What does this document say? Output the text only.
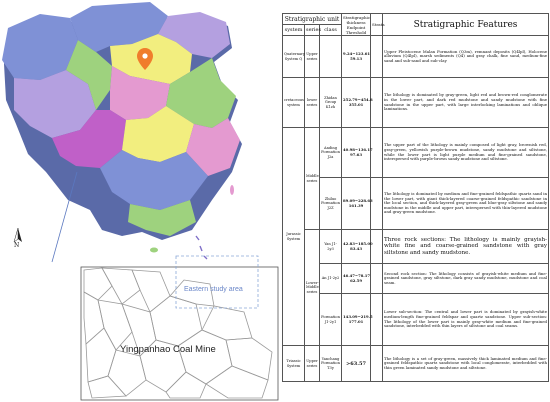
N
Eastern study area
Yingpanhao Coal Mine
Stratigraphic unit			Stratigraphic thickness
Endpoint Threshold	Strata	Stratigraphic Features
system	series	class			
Quaternary System Q	Upper series		9.24~123.61 59.13		Upper Pleistocene Malan Formation (Q3m), remnant deposits (Q4lpl), Holocene alluvium (Q4lpl), marsh sediments (Q4) and gray chalk, fine sand, medium-fine sand and sub-sand and sub-clay
cretaceous system	lower series	Zhidan Group K1zh	252.79~454.8 355.01		The lithology is dominated by gray-green, light red and brown-red conglomerate in the lower part, and dark red mudstone and sandy mudstone with fine sandstone in the upper part, with large interlocking laminations and oblique laminations.
Jurassic System	Middle series	Anding Formation J2a	40.98~136.17 97.63		The upper part of the lithology is mainly composed of light gray, brownish red, gray-green, yellowish purple-brown mudstone, sandy mudstone and siltstone, while the lower part is light purple medium and fine-grained sandstone, interspersed with purple-brown sandy mudstone and siltstone.
		Zhiluo Formation J2Z	89.09~228.63 161.39		The lithology is dominated by medium and fine-grained feldspathic quartz sand in the lower part, with giant thick-layered coarse-grained feldspathic sandstone in the local section, and thick-layered gray-green and blue-gray siltstone and sandy mudstone in the middle and upper part, interspersed with thin-layered mudstone and gray-green mudstone.
	Lower-Middle series	Yan J1-2y3	42.83~185.00 83.43		Three rock sections: The lithology is mainly grayish-white fine and coarse-grained sandstone with gray siltstone and sandy mudstone.
		An J1-2y2	46.47~78.17 62.59		Second rock section: The lithology consists of grayish-white medium and fine-grained sandstone, gray siltstone, dark gray sandy mudstone, mudstone and coal seam.
		Formation J1-2y1	143.09~219.5 177.01		Lower sub-section: The central and lower part is dominated by grayish-white medium-length fine-grained feldspar and quartz sandstone. Upper sub-section: The lithology of the lower part is mainly gray-white medium and fine-grained sandstone, interbedded with thin layers of siltstone and coal seams.
Triassic System	Upper series	Yanchang Formation T3y	>63.57		The lithology is a set of gray-green, massively thick laminated medium and fine-grained feldspathic quartz sandstone with local conglomerate, interbedded with thin green laminated sandy mudstone and siltstone.
